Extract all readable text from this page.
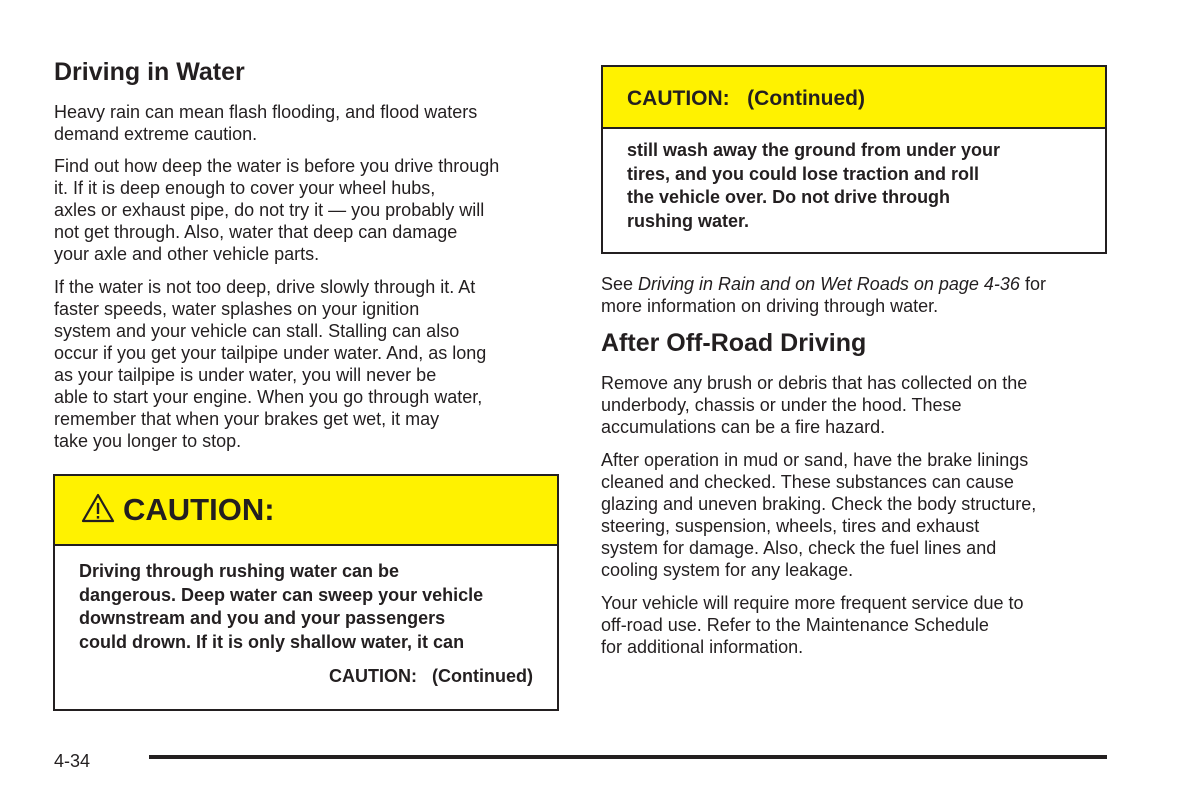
Driving in Water

Heavy rain can mean flash flooding, and flood waters
demand extreme caution.

Find out how deep the water is before you drive through
it. If it is deep enough to cover your wheel hubs,
axles or exhaust pipe, do not try it — you probably will
not get through. Also, water that deep can damage
your axle and other vehicle parts.

If the water is not too deep, drive slowly through it. At
faster speeds, water splashes on your ignition
system and your vehicle can stall. Stalling can also
occur if you get your tailpipe under water. And, as long
as your tailpipe is under water, you will never be
able to start your engine. When you go through water,
remember that when your brakes get wet, it may
take you longer to stop.

CAUTION:
Driving through rushing water can be
dangerous. Deep water can sweep your vehicle
downstream and you and your passengers
could drown. If it is only shallow water, it can
CAUTION:   (Continued)
CAUTION:   (Continued)
still wash away the ground from under your
tires, and you could lose traction and roll
the vehicle over. Do not drive through
rushing water.

See Driving in Rain and on Wet Roads on page 4-36 for
more information on driving through water.

After Off-Road Driving

Remove any brush or debris that has collected on the
underbody, chassis or under the hood. These
accumulations can be a fire hazard.

After operation in mud or sand, have the brake linings
cleaned and checked. These substances can cause
glazing and uneven braking. Check the body structure,
steering, suspension, wheels, tires and exhaust
system for damage. Also, check the fuel lines and
cooling system for any leakage.

Your vehicle will require more frequent service due to
off-road use. Refer to the Maintenance Schedule
for additional information.

4-34
